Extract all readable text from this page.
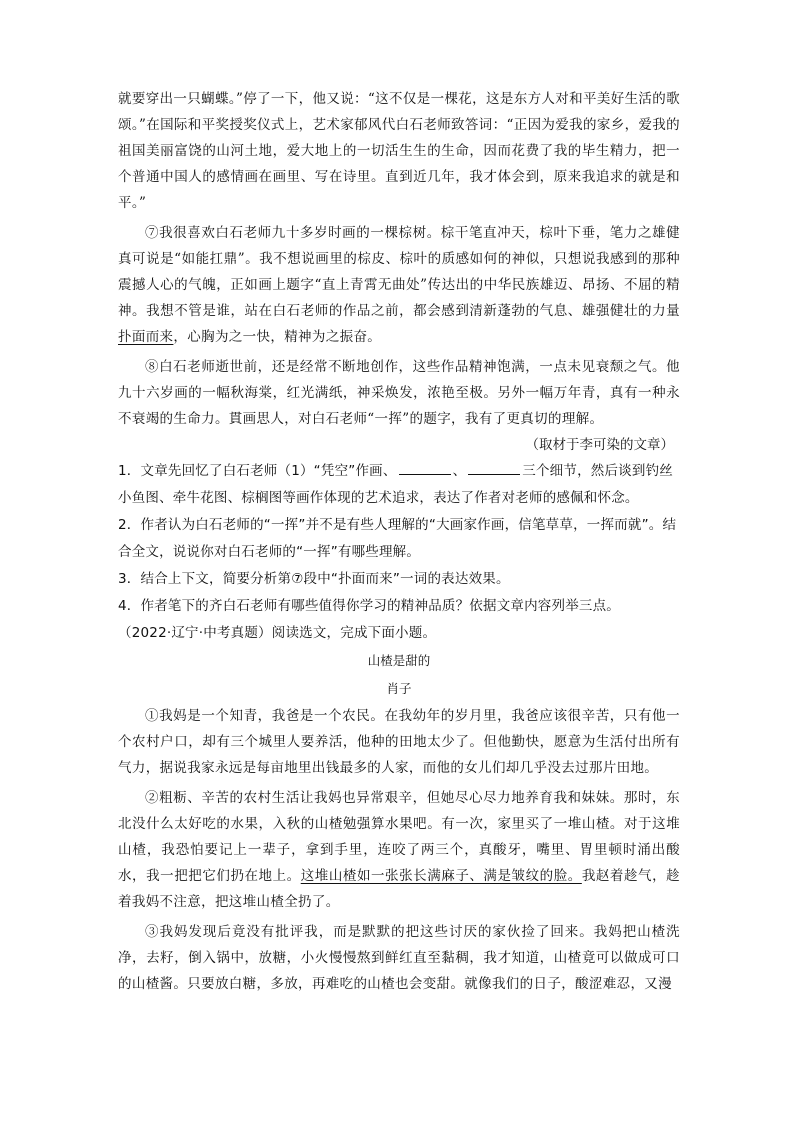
就要穿出一只蝴蝶。”停了一下，他又说：“这不仅是一棵花，这是东方人对和平美好生活的歌颂。”在国际和平奖授奖仪式上，艺术家郁风代白石老师致答词：“正因为爱我的家乡，爱我的祖国美丽富饶的山河土地，爱大地上的一切活生生的生命，因而花费了我的毕生精力，把一个普通中国人的感情画在画里、写在诗里。直到近几年，我才体会到，原来我追求的就是和平。”

⑦我很喜欢白石老师九十多岁时画的一棵棕树。棕干笔直冲天，棕叶下垂，笔力之雄健真可说是“如能扛鼎”。我不想说画里的棕皮、棕叶的质感如何的神似，只想说我感到的那种震撼人心的气魄，正如画上题字“直上青霄无曲处”传达出的中华民族雄迈、昂扬、不屈的精神。我想不管是谁，站在白石老师的作品之前，都会感到清新蓬勃的气息、雄强健壮的力量扑面而来，心胸为之一快，精神为之振奋。

⑧白石老师逝世前，还是经常不断地创作，这些作品精神饱满，一点未见衰颓之气。他九十六岁画的一幅秋海棠，红光满纸，神采焕发，浓艳至极。另外一幅万年青，真有一种永不衰竭的生命力。貫画思人，对白石老师“一挥”的题字，我有了更真切的理解。

（取材于李可染的文章）

1．文章先回忆了白石老师（1）“凭空”作画、	、	三个细节，然后谈到钓丝小鱼图、牵牛花图、棕榈图等画作体现的艺术追求，表达了作者对老师的感佩和怀念。

2．作者认为白石老师的“一挥”并不是有些人理解的“大画家作画，信笔草草，一挥而就”。结合全文，说说你对白石老师的“一挥”有哪些理解。

3．结合上下文，简要分析第⑦段中“扑面而来”一词的表达效果。

4．作者笔下的齐白石老师有哪些值得你学习的精神品质？依据文章内容列举三点。

（2022·辽宁·中考真题）阅读选文，完成下面小题。

山楂是甜的

肖子

①我妈是一个知青，我爸是一个农民。在我幼年的岁月里，我爸应该很辛苦，只有他一个农村户口，却有三个城里人要养活，他种的田地太少了。但他勤快，愿意为生活付出所有气力，据说我家永远是每亩地里出钱最多的人家，而他的女儿们却几乎没去过那片田地。

②粗粝、辛苦的农村生活让我妈也异常艰辛，但她尽心尽力地养育我和妹妹。那时，东北没什么太好吃的水果，入秋的山楂勉强算水果吧。有一次，家里买了一堆山楂。对于这堆山楂，我恐怕要记上一辈子，拿到手里，连咬了两三个，真酸牙，嘴里、胃里顿时涌出酸水，我一把把它们扔在地上。这堆山楂如一张张长满麻子、满是皱纹的脸。我赵着趁气，趁着我妈不注意，把这堆山楂全扔了。

③我妈发现后竟没有批评我，而是默默的把这些讨厌的家伙捡了回来。我妈把山楂洗净，去籽，倒入锅中，放糖，小火慢慢熬到鲜红直至黏稠，我才知道，山楂竟可以做成可口的山楂酱。只要放白糖，多放，再难吃的山楂也会变甜。就像我们的日子，酸涩难忍，又漫
